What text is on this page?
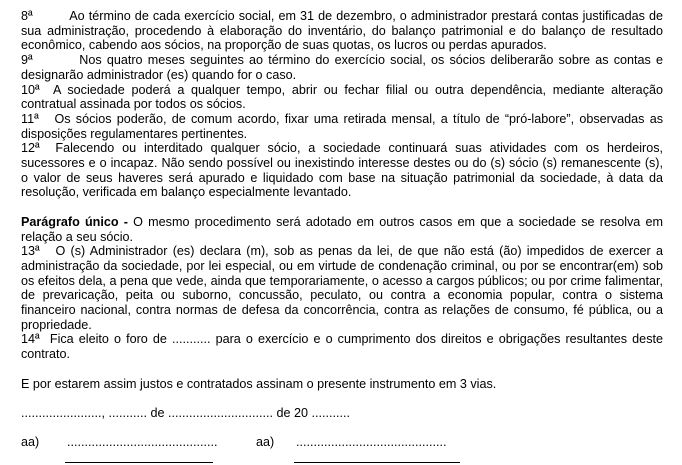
8ª	Ao término de cada exercício social, em 31 de dezembro, o administrador prestará contas justificadas de sua administração, procedendo à elaboração do inventário, do balanço patrimonial e do balanço de resultado econômico, cabendo aos sócios, na proporção de suas quotas, os lucros ou perdas apurados.

9ª	Nos quatro meses seguintes ao término do exercício social, os sócios deliberarão sobre as contas e designarão administrador (es) quando for o caso.

10ª A sociedade poderá a qualquer tempo, abrir ou fechar filial ou outra dependência, mediante alteração contratual assinada por todos os sócios.

11ª Os sócios poderão, de comum acordo, fixar uma retirada mensal, a título de “pró-labore”, observadas as disposições regulamentares pertinentes.

12ª Falecendo ou interditado qualquer sócio, a sociedade continuará suas atividades com os herdeiros, sucessores e o incapaz. Não sendo possível ou inexistindo interesse destes ou do (s) sócio (s) remanescente (s), o valor de seus haveres será apurado e liquidado com base na situação patrimonial da sociedade, à data da resolução, verificada em balanço especialmente levantado.

Parágrafo único - O mesmo procedimento será adotado em outros casos em que a sociedade se resolva em relação a seu sócio.

13ª O (s) Administrador (es) declara (m), sob as penas da lei, de que não está (ão) impedidos de exercer a administração da sociedade, por lei especial, ou em virtude de condenação criminal, ou por se encontrar(em) sob os efeitos dela, a pena que vede, ainda que temporariamente, o acesso a cargos públicos; ou por crime falimentar, de prevaricação, peita ou suborno, concussão, peculato, ou contra a economia popular, contra o sistema financeiro nacional, contra normas de defesa da concorrência, contra as relações de consumo, fé pública, ou a propriedade.

14ª Fica eleito o foro de ........... para o exercício e o cumprimento dos direitos e obrigações resultantes deste contrato.

E por estarem assim justos e contratados assinam o presente instrumento em 3 vias.

......................., ........... de .............................. de 20 ...........
aa) ...........................................	aa) ...........................................
